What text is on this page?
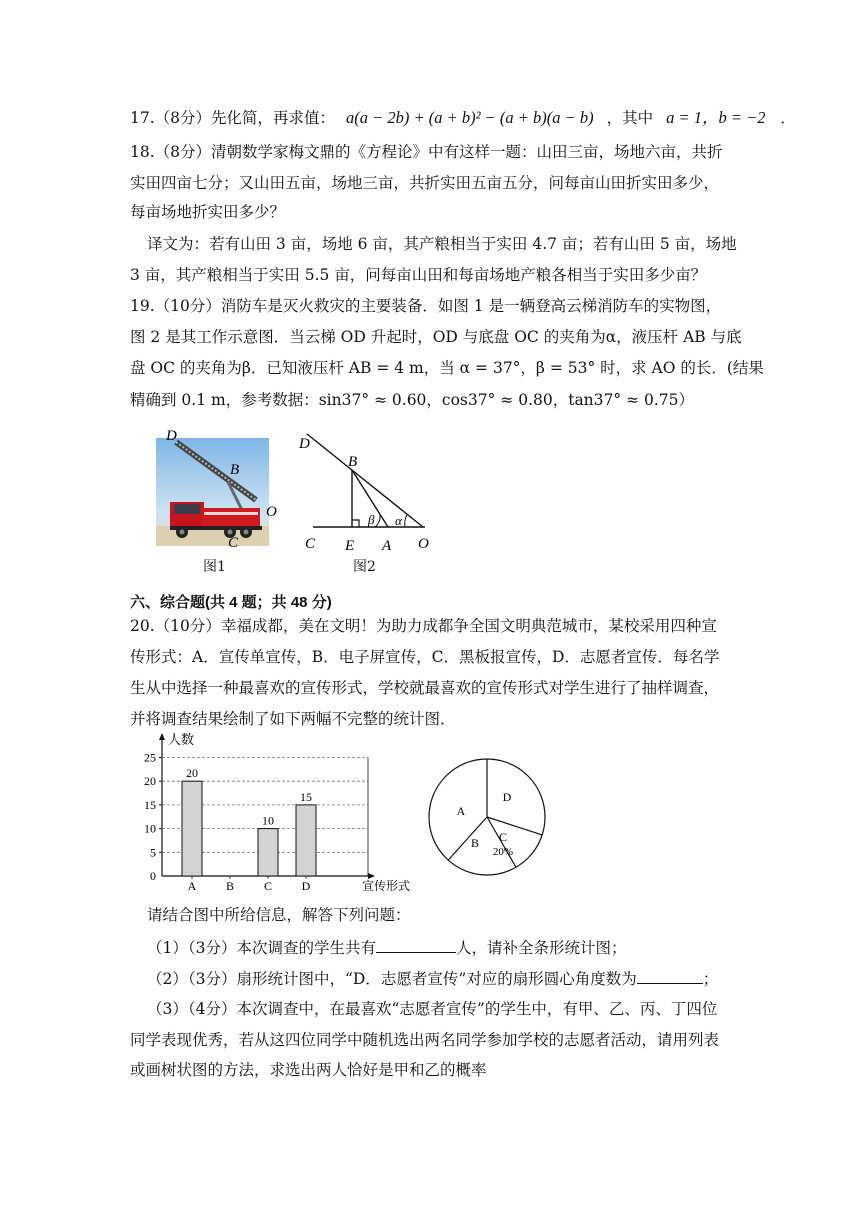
17.（8分）先化简，再求值： a(a − 2b) + (a + b)² − (a + b)(a − b) ，其中 a = 1，b = −2 ．
18.（8分）清朝数学家梅文鼎的《方程论》中有这样一题：山田三亩，场地六亩，共折
实田四亩七分；又山田五亩，场地三亩，共折实田五亩五分，问每亩山田折实田多少，
每亩场地折实田多少？
译文为：若有山田 3 亩，场地 6 亩，其产粮相当于实田 4.7 亩；若有山田 5 亩，场地
3 亩，其产粮相当于实田 5.5 亩，问每亩山田和每亩场地产粮各相当于实田多少亩？
19.（10分）消防车是灭火救灾的主要装备．如图 1 是一辆登高云梯消防车的实物图，
图 2 是其工作示意图．当云梯 OD 升起时，OD 与底盘 OC 的夹角为α，液压杆 AB 与底
盘 OC 的夹角为β．已知液压杆 AB = 4 m，当 α = 37°，β = 53° 时，求 AO 的长．(结果
精确到 0.1 m，参考数据：sin37° ≈ 0.60，cos37° ≈ 0.80，tan37° ≈ 0.75）
D
B
O
C
图1
D
B
C E A O
β α
图2
六、综合题(共 4 题；共 48 分)
20.（10分）幸福成都，美在文明！为助力成都争全国文明典范城市，某校采用四种宣
传形式：A．宣传单宣传，B．电子屏宣传，C．黑板报宣传，D．志愿者宣传．每名学
生从中选择一种最喜欢的宣传形式，学校就最喜欢的宣传形式对学生进行了抽样调查，
并将调查结果绘制了如下两幅不完整的统计图．
人数
宣传形式
0
5
10
15
20
25
20
A B
10
C
15
D
A
B C
D
20%
请结合图中所给信息，解答下列问题：
（1）（3分）本次调查的学生共有	人，请补全条形统计图；
（2）（3分）扇形统计图中，“D．志愿者宣传”对应的扇形圆心角度数为	；
（3）（4分）本次调查中，在最喜欢“志愿者宣传”的学生中，有甲、乙、丙、丁四位
同学表现优秀，若从这四位同学中随机选出两名同学参加学校的志愿者活动，请用列表
或画树状图的方法，求选出两人恰好是甲和乙的概率
